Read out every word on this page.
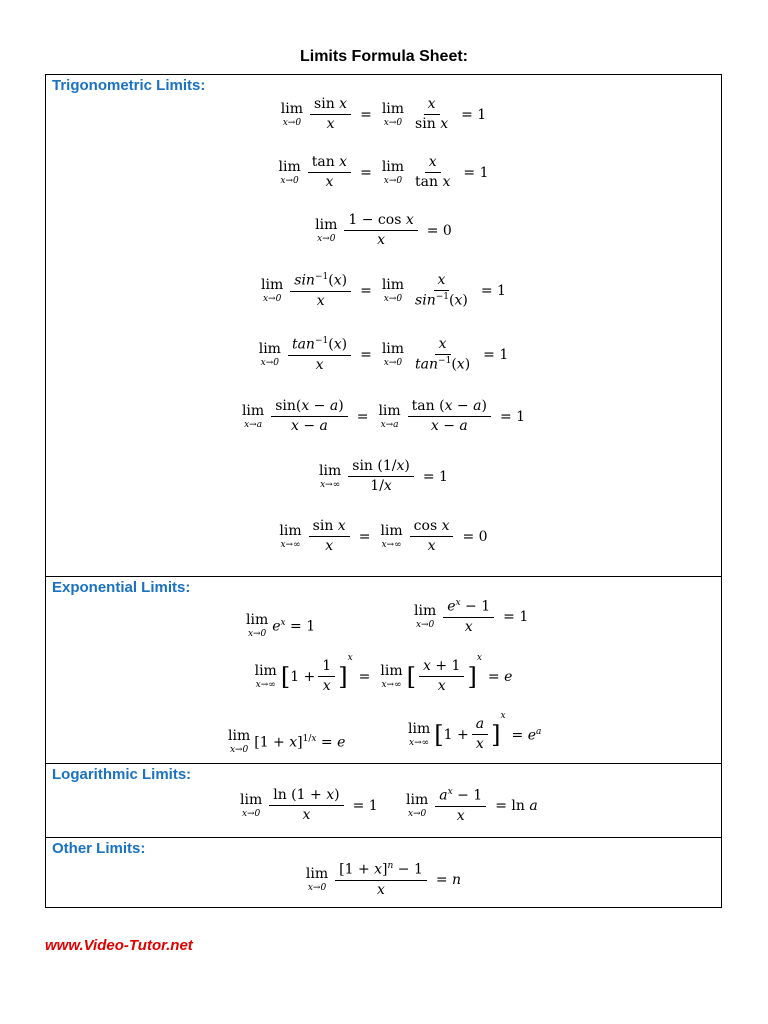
Limits Formula Sheet:
Trigonometric Limits:
lim
$x\to 0 \frac{\text{sin x}}{x} = \lim$
$x\to 0 \frac{x}{\text{sin x}} = 1$
lim
$x\to 0 \frac{\text{tan x}}{x} = \lim$
$x\to 0 \frac{x}{\text{tan x}} = 1$
lim
$x\to 0 \frac{\text{1 − cos x}}{x} = 0$
lim
$x\to 0 \frac{\sin^{-1}(x)}{x} = \lim$
$x\to 0 \frac{x}{\sin^{-1}(x)} = 1$
lim
$x\to 0 \frac{\tan^{-1}(x)}{x} = \lim$
$x\to 0 \frac{x}{\tan^{-1}(x)} = 1$
lim
$x\to a \frac{\sin(x - a)}{x - a} = \lim$
$x\to a \frac{\tan (x - a)}{x - a} = 1$
lim
$x\to\infty \frac{\sin (1/x)}{1/x} = 1$
lim
$x\to\infty \frac{\text{sin x}}{x} = \lim$
$x\to\infty \frac{\text{cos x}}{x} = 0$
Exponential Limits:
lim
x→0 $e^x = 1$
lim
$x\to 0 \frac{e^x - 1}{x} = 1$
lim
x→∞ [ $1 + \frac{1}{x}$ ]
x
= lim
x→∞ [ $\frac{x + 1}{x}$ ]
x
= e
lim
x→0 $[1 + x]^{1/x} = e$
lim
x→∞ [ $1 + \frac{a}{x}$ ]
x
= $e^a$
Logarithmic Limits:
lim
$x\to 0 \frac{\ln (1 + x)}{x} = 1$ lim
$x\to 0 \frac{a^x - 1}{x} = \ln a$
Other Limits:
lim
$x\to 0 \frac{[1 + x]^n - 1}{x} = n$
www.Video-Tutor.net
